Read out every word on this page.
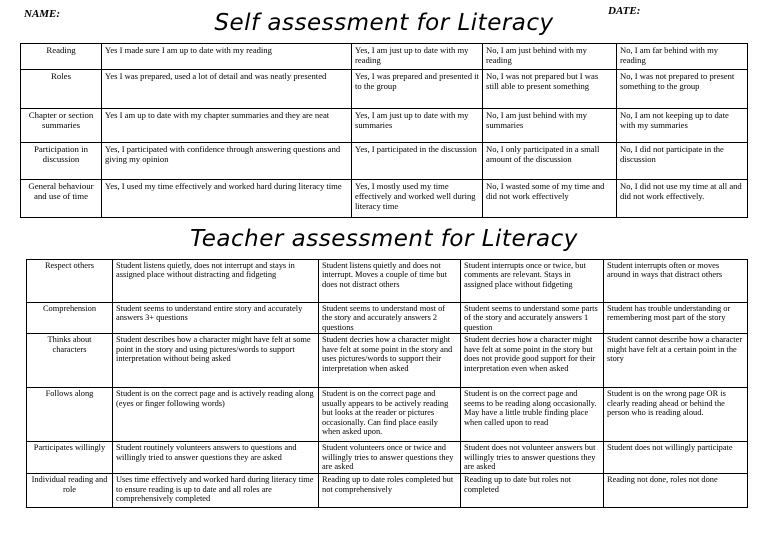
NAME:	DATE:
Self assessment for Literacy
Reading	Yes I made sure I am up to date with my reading	Yes, I am just up to date with my reading	No, I am just behind with my reading	No, I am far behind with my reading
Roles	Yes I was prepared, used a lot of detail and was neatly presented	Yes, I was prepared and presented it to the group	No, I was not prepared but I was still able to present something	No, I was not prepared to present something to the group
Chapter or section summaries	Yes I am up to date with my chapter summaries and they are neat	Yes, I am just up to date with my summaries	No, I am just behind with my summaries	No, I am not keeping up to date with my summaries
Participation in discussion	Yes, I participated with confidence through answering questions and giving my opinion	Yes, I participated in the discussion	No, I only participated in a small amount of the discussion	No, I did not participate in the discussion
General behaviour and use of time	Yes, I used my time effectively and worked hard during literacy time	Yes, I mostly used my time effectively and worked well during literacy time	No, I wasted some of my time and did not work effectively	No, I did not use my time at all and did not work effectively.
Teacher assessment for Literacy
Respect others	Student listens quietly, does not interrupt and stays in assigned place without distracting and fidgeting	Student listens quietly and does not interrupt. Moves a couple of time but does not distract others	Student interrupts once or twice, but comments are relevant. Stays in assigned place without fidgeting	Student interrupts often or moves around in ways that distract others
Comprehension	Student seems to understand entire story and accurately answers 3+ questions	Student seems to understand most of the story and accurately answers 2 questions	Student seems to understand some parts of the story and accurately answers 1 question	Student has trouble understanding or remembering most part of the story
Thinks about characters	Student describes how a character might have felt at some point in the story and using pictures/words to support interpretation without being asked	Student decries how a character might have felt at some point in the story and uses pictures/words to support their interpretation when asked	Student decries how a character might have felt at some point in the story but does not provide good support for their interpretation even when asked	Student cannot describe how a character might have felt at a certain point in the story
Follows along	Student is on the correct page and is actively reading along (eyes or finger following words)	Student is on the correct page and usually appears to be actively reading but looks at the reader or pictures occasionally. Can find place easily when asked upon.	Student is on the correct page and seems to be reading along occasionally. May have a little truble finding place when called upon to read	Student is on the wrong page OR is clearly reading ahead or behind the person who is reading aloud.
Participates willingly	Student routinely volunteers answers to questions and willingly tried to answer questions they are asked	Student volunteers once or twice and willingly tries to answer questions they are asked	Student does not volunteer answers but willingly tries to answer questions they are asked	Student does not willingly participate
Individual reading and role	Uses time effectively and worked hard during literacy time to ensure reading is up to date and all roles are comprehensively completed	Reading up to date roles completed but not comprehensively	Reading up to date but roles not completed	Reading not done, roles not done
